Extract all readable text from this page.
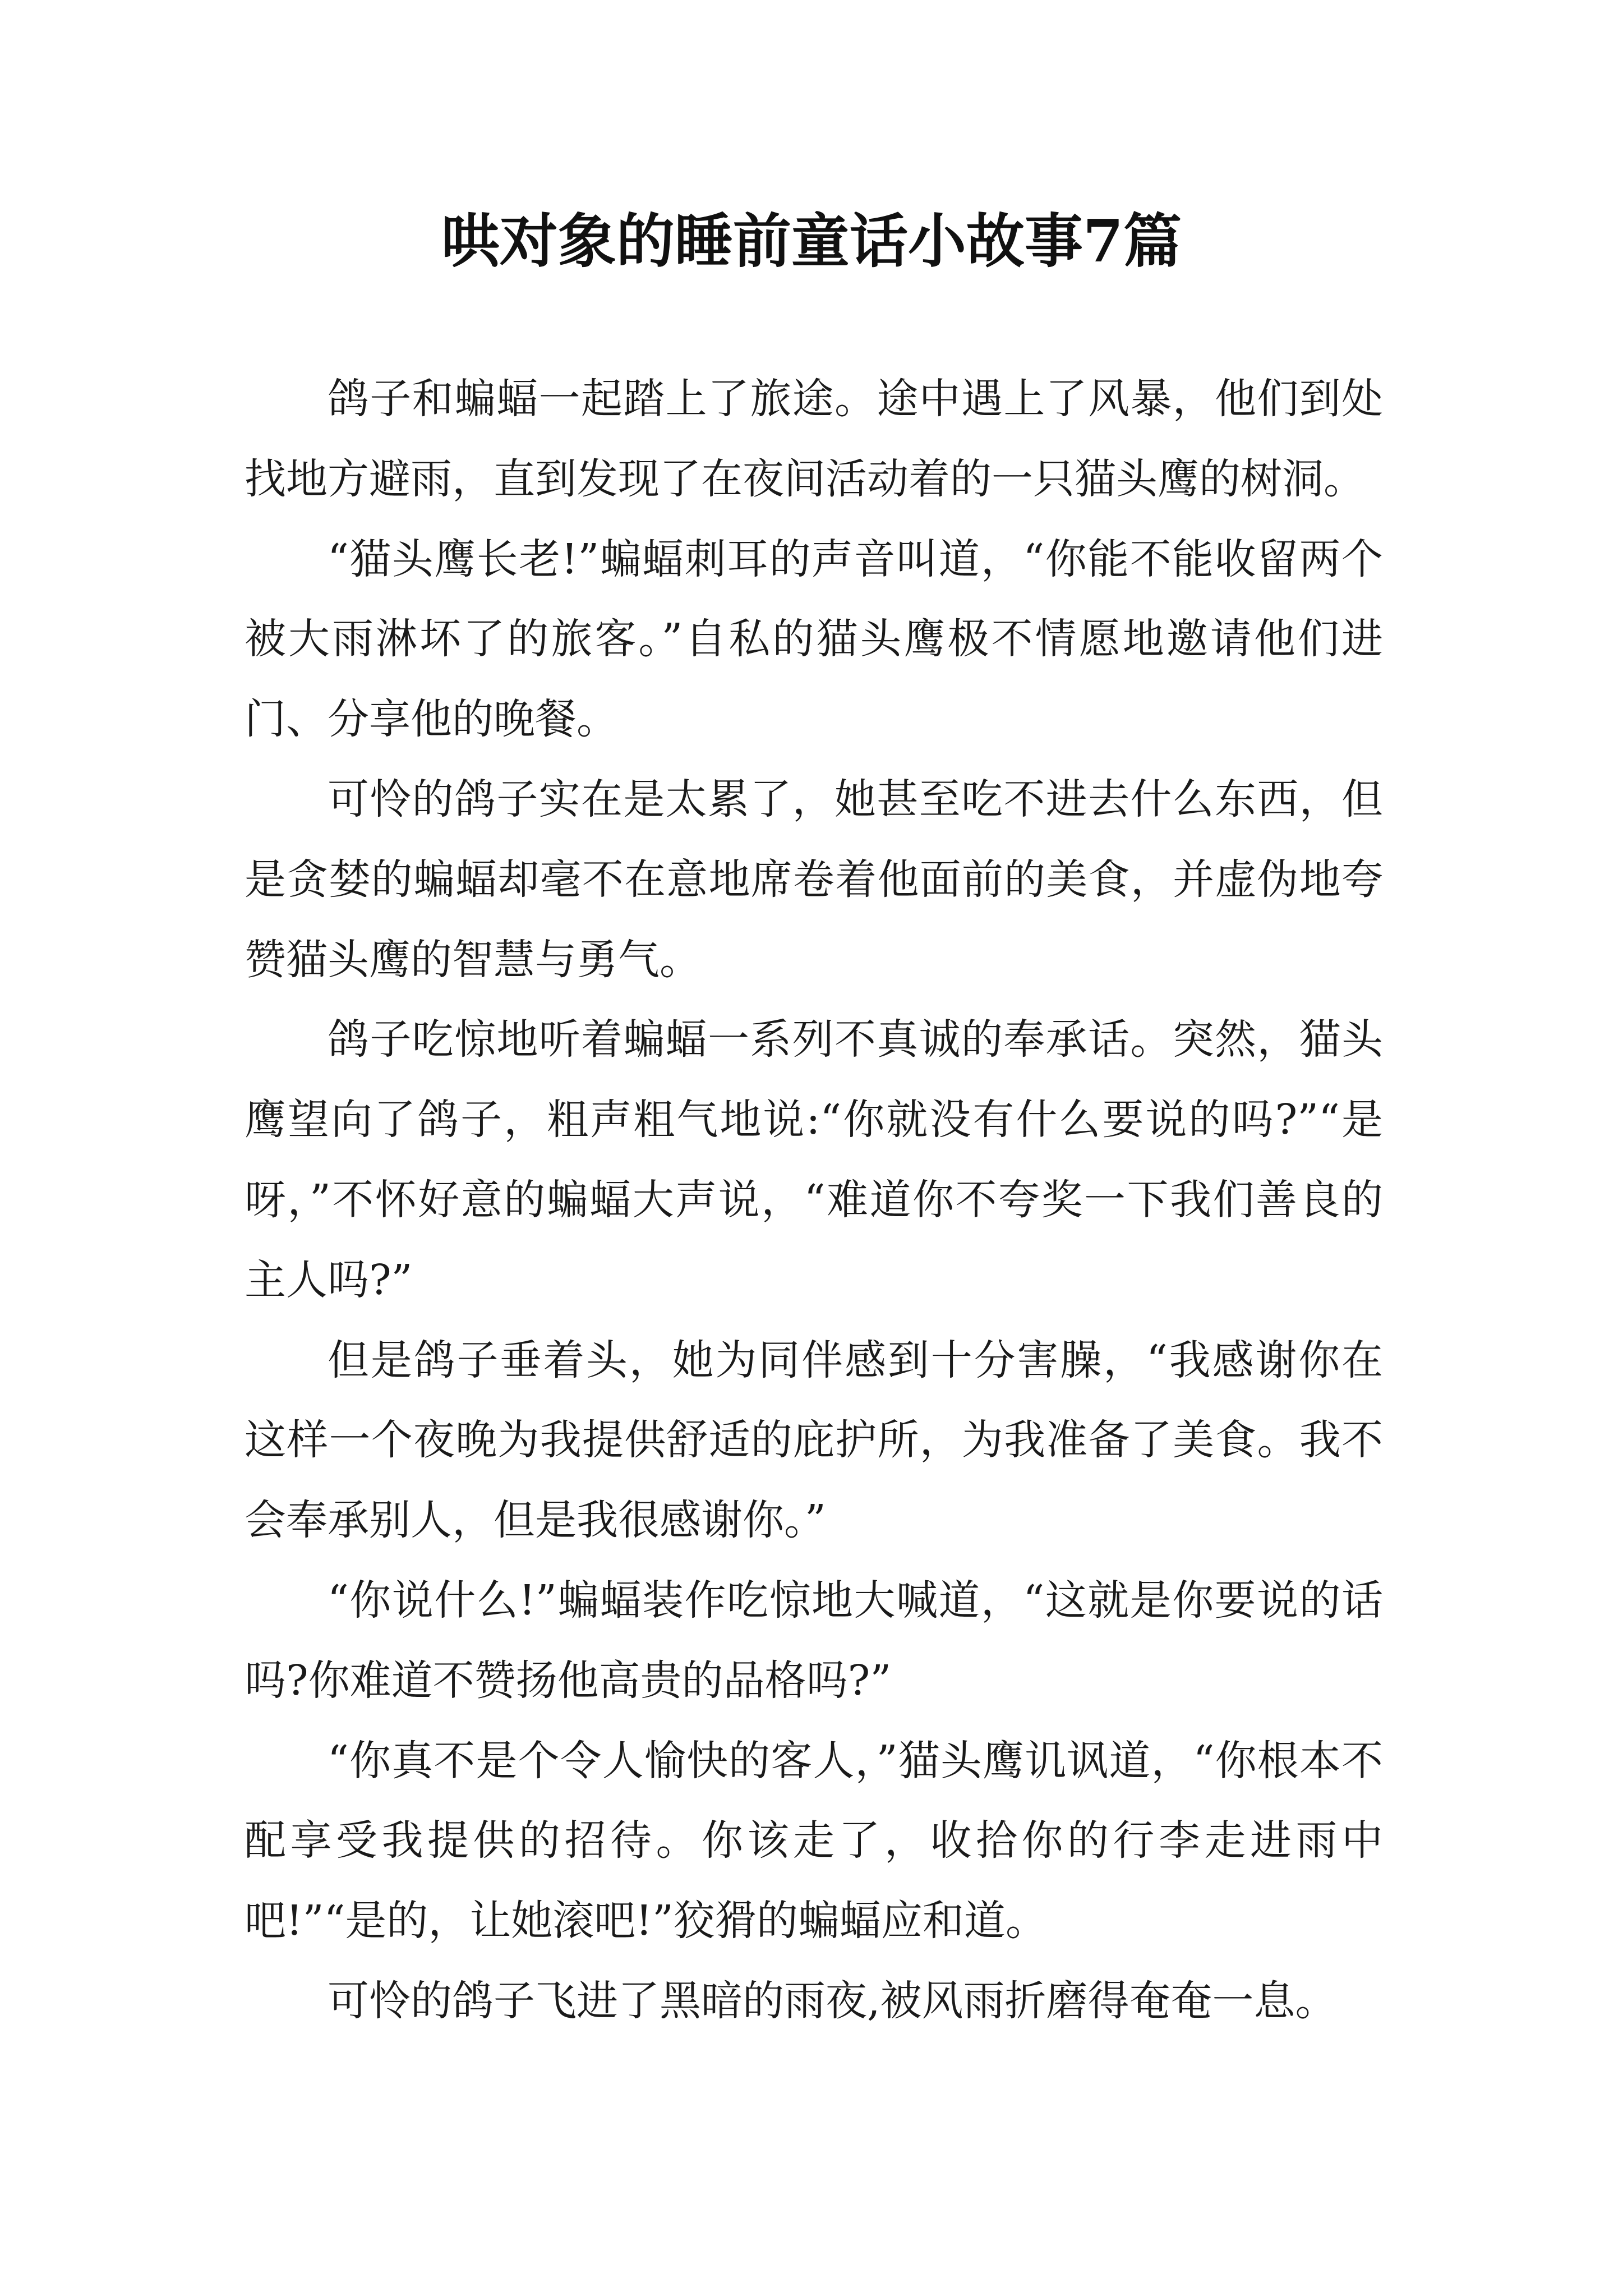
哄对象的睡前童话小故事7篇

鸽子和蝙蝠一起踏上了旅途。途中遇上了风暴，他们到处找地方避雨，直到发现了在夜间活动着的一只猫头鹰的树洞。

“猫头鹰长老!”蝙蝠刺耳的声音叫道，“你能不能收留两个被大雨淋坏了的旅客。”自私的猫头鹰极不情愿地邀请他们进门、分享他的晚餐。

可怜的鸽子实在是太累了，她甚至吃不进去什么东西，但是贪婪的蝙蝠却毫不在意地席卷着他面前的美食，并虚伪地夸赞猫头鹰的智慧与勇气。

鸽子吃惊地听着蝙蝠一系列不真诚的奉承话。突然，猫头鹰望向了鸽子，粗声粗气地说:“你就没有什么要说的吗?”“是呀，”不怀好意的蝙蝠大声说，“难道你不夸奖一下我们善良的主人吗?”

但是鸽子垂着头，她为同伴感到十分害臊，“我感谢你在这样一个夜晚为我提供舒适的庇护所，为我准备了美食。我不会奉承别人，但是我很感谢你。”

“你说什么!”蝙蝠装作吃惊地大喊道，“这就是你要说的话吗?你难道不赞扬他高贵的品格吗?”

“你真不是个令人愉快的客人，”猫头鹰讥讽道，“你根本不配享受我提供的招待。你该走了，收拾你的行李走进雨中吧!”“是的，让她滚吧!”狡猾的蝙蝠应和道。

可怜的鸽子飞进了黑暗的雨夜,被风雨折磨得奄奄一息。
